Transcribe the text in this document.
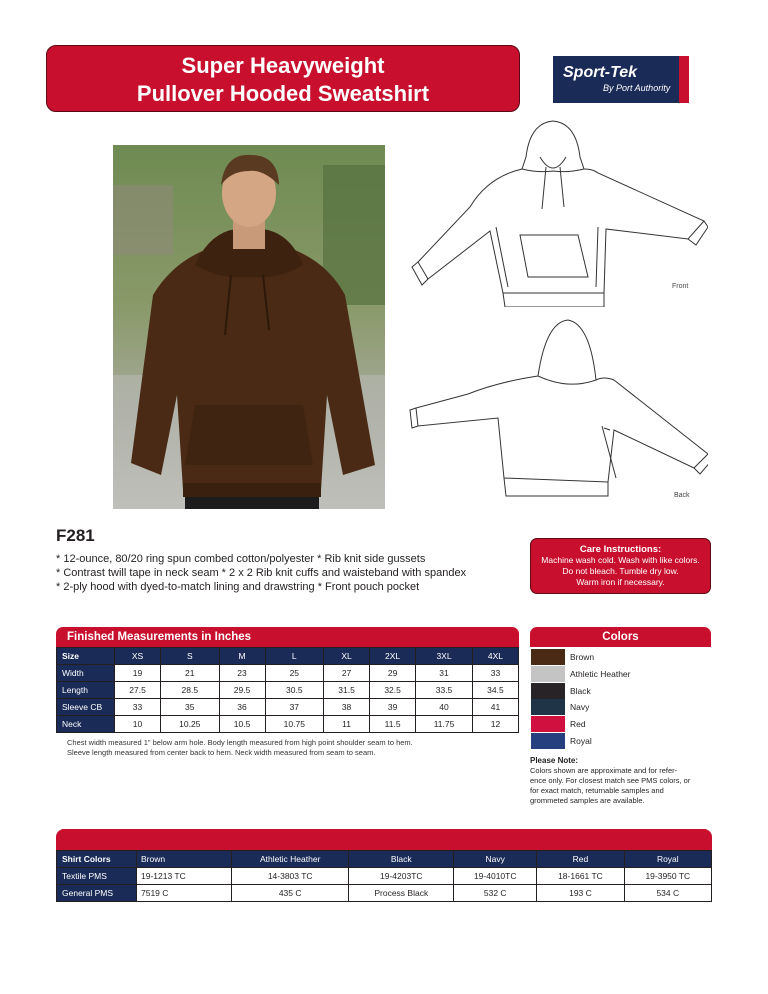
Super Heavyweight
Pullover Hooded Sweatshirt
Sport-Tek
By Port Authority
Front
Back
F281
* 12-ounce, 80/20 ring spun combed cotton/polyester * Rib knit side gussets
* Contrast twill tape in neck seam * 2 x 2 Rib knit cuffs and waisteband with spandex
* 2-ply hood with dyed-to-match lining and drawstring * Front pouch pocket
Care Instructions:
Machine wash cold. Wash with like colors.
Do not bleach. Tumble dry low.
Warm iron if necessary.
Finished Measurements in Inches
Size	XS	S	M	L	XL	2XL	3XL	4XL
Width	19	21	23	25	27	29	31	33
Length	27.5	28.5	29.5	30.5	31.5	32.5	33.5	34.5
Sleeve CB	33	35	36	37	38	39	40	41
Neck	10	10.25	10.5	10.75	11	11.5	11.75	12
Chest width measured 1" below arm hole. Body length measured from high point shoulder seam to hem.
Sleeve length measured from center back to hem. Neck width measured from seam to seam.
Colors
Brown
Athletic Heather
Black
Navy
Red
Royal
Please Note:
Colors shown are approximate and for refer-
ence only. For closest match see PMS colors, or
for exact match, returnable samples and
grommeted samples are available.
Shirt Colors	Brown	Athletic Heather	Black	Navy	Red	Royal
Textile PMS	19-1213 TC	14-3803 TC	19-4203TC	19-4010TC	18-1661 TC	19-3950 TC
General PMS	7519 C	435 C	Process Black	532 C	193 C	534 C
